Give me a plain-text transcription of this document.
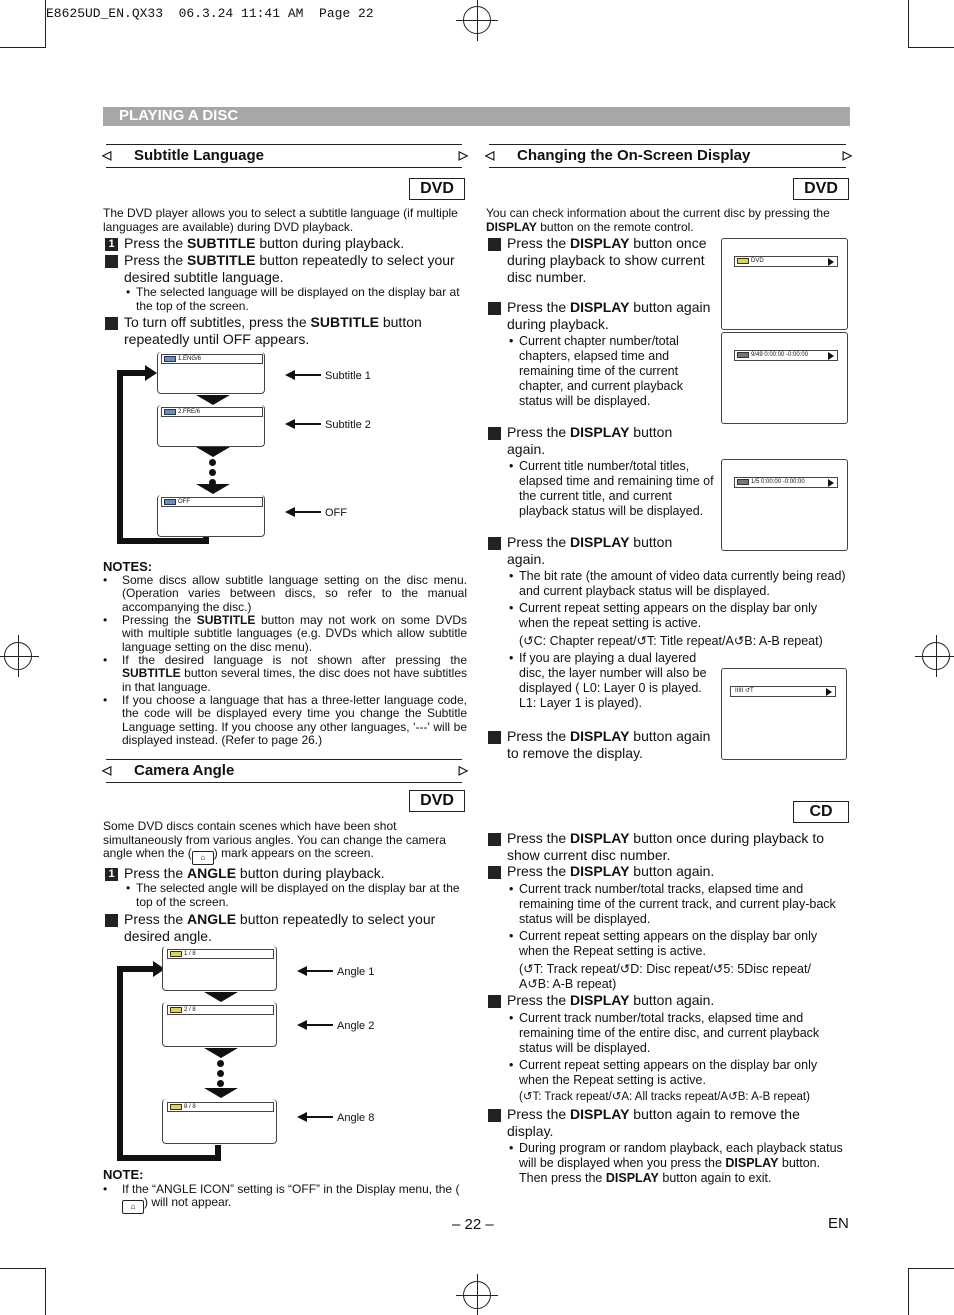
E8625UD_EN.QX33  06.3.24 11:41 AM  Page 22
PLAYING A DISC
◁ Subtitle Language ▷
DVD
The DVD player allows you to select a subtitle language (if multiple languages are available) during DVD playback.
1 Press the SUBTITLE button during playback.
2 Press the SUBTITLE button repeatedly to select your desired subtitle language.
• The selected language will be displayed on the display bar at the top of the screen.
3 To turn off subtitles, press the SUBTITLE button repeatedly until OFF appears.
1.ENG/6
2.FRE/6
OFF
Subtitle 1
Subtitle 2
OFF
NOTES:
• Some discs allow subtitle language setting on the disc menu. (Operation varies between discs, so refer to the manual accompanying the disc.)
• Pressing the SUBTITLE button may not work on some DVDs with multiple subtitle languages (e.g. DVDs which allow subtitle language setting on the disc menu).
• If the desired language is not shown after pressing the SUBTITLE button several times, the disc does not have subtitles in that language.
• If you choose a language that has a three-letter language code, the code will be displayed every time you change the Subtitle Language setting. If you choose any other languages, '---' will be displayed instead. (Refer to page 26.)
◁ Camera Angle ▷
DVD
Some DVD discs contain scenes which have been shot simultaneously from various angles. You can change the camera angle when the ( ⌂ ) mark appears on the screen.
1 Press the ANGLE button during playback.
• The selected angle will be displayed on the display bar at the top of the screen.
2 Press the ANGLE button repeatedly to select your desired angle.
1 / 8
2 / 8
8 / 8
Angle 1
Angle 2
Angle 8
NOTE:
• If the “ANGLE ICON” setting is “OFF” in the Display menu, the (⌂ ) will not appear.
◁ Changing the On-Screen Display ▷
DVD
You can check information about the current disc by pressing the DISPLAY button on the remote control.
1 Press the DISPLAY button once during playback to show current disc number.
DVD
2 Press the DISPLAY button again during playback.
• Current chapter number/total chapters, elapsed time and remaining time of the current chapter, and current playback status will be displayed.
9/49 0:00:00 -0:00:00
3 Press the DISPLAY button again.
• Current title number/total titles, elapsed time and remaining time of the current title, and current playback status will be displayed.
1/5 0:00:00 -0:00:00
4 Press the DISPLAY button again.
• The bit rate (the amount of video data currently being read) and current playback status will be displayed.
• Current repeat setting appears on the display bar only when the repeat setting is active.
(↺C: Chapter repeat/↺T: Title repeat/A↺B: A-B repeat)
• If you are playing a dual layered disc, the layer number will also be displayed ( L0: Layer 0 is played. L1: Layer 1 is played).
IIIII ↺T
5 Press the DISPLAY button again to remove the display.
CD
1 Press the DISPLAY button once during playback to show current disc number.
2 Press the DISPLAY button again.
• Current track number/total tracks, elapsed time and remaining time of the current track, and current play-back status will be displayed.
• Current repeat setting appears on the display bar only when the Repeat setting is active.
(↺T: Track repeat/↺D: Disc repeat/↺5: 5Disc repeat/ A↺B: A-B repeat)
3 Press the DISPLAY button again.
• Current track number/total tracks, elapsed time and remaining time of the entire disc, and current playback status will be displayed.
• Current repeat setting appears on the display bar only when the Repeat setting is active.
(↺T: Track repeat/↺A: All tracks repeat/A↺B: A-B repeat)
4 Press the DISPLAY button again to remove the display.
• During program or random playback, each playback status will be displayed when you press the DISPLAY button. Then press the DISPLAY button again to exit.
– 22 –	EN
